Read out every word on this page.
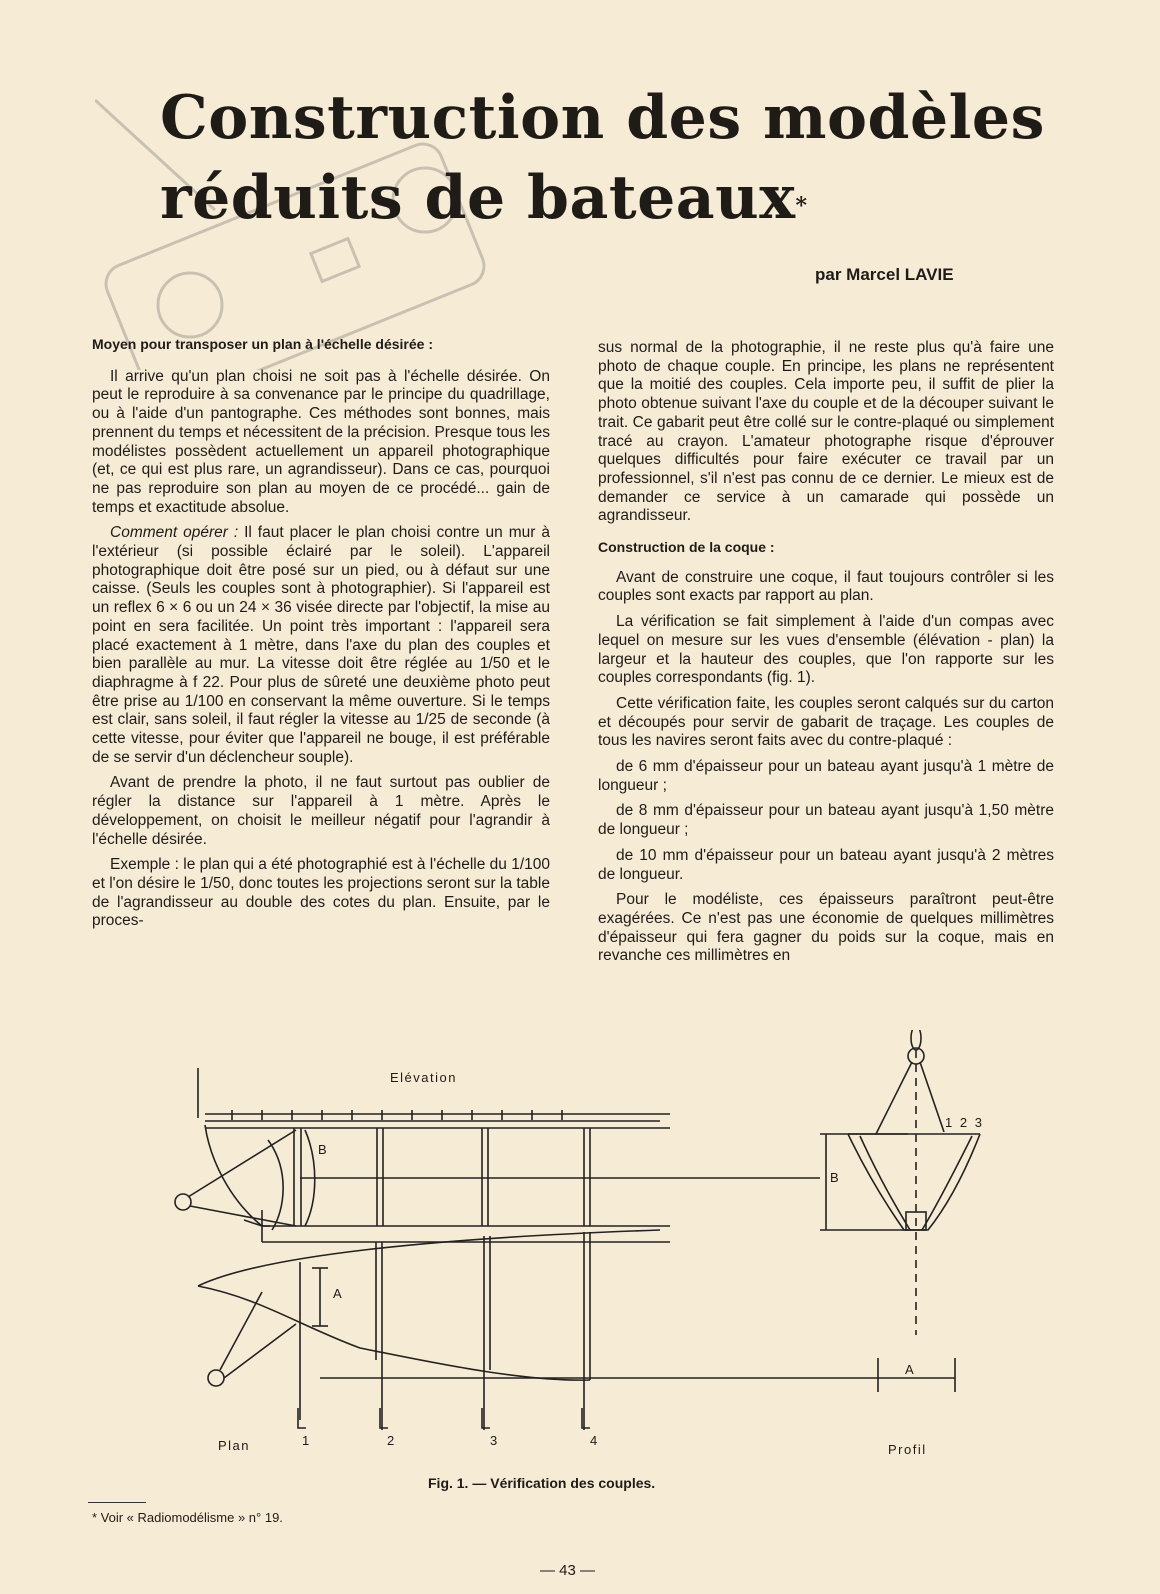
Construction des modèles réduits de bateaux*
par Marcel LAVIE
Moyen pour transposer un plan à l'échelle désirée :

Il arrive qu'un plan choisi ne soit pas à l'échelle désirée. On peut le reproduire à sa convenance par le principe du quadrillage, ou à l'aide d'un pantographe. Ces méthodes sont bonnes, mais prennent du temps et nécessitent de la précision. Presque tous les modélistes possèdent actuellement un appareil photographique (et, ce qui est plus rare, un agrandisseur). Dans ce cas, pourquoi ne pas reproduire son plan au moyen de ce procédé... gain de temps et exactitude absolue.

Comment opérer : Il faut placer le plan choisi contre un mur à l'extérieur (si possible éclairé par le soleil). L'appareil photographique doit être posé sur un pied, ou à défaut sur une caisse. (Seuls les couples sont à photographier). Si l'appareil est un reflex 6 × 6 ou un 24 × 36 visée directe par l'objectif, la mise au point en sera facilitée. Un point très important : l'appareil sera placé exactement à 1 mètre, dans l'axe du plan des couples et bien parallèle au mur. La vitesse doit être réglée au 1/50 et le diaphragme à f 22. Pour plus de sûreté une deuxième photo peut être prise au 1/100 en conservant la même ouverture. Si le temps est clair, sans soleil, il faut régler la vitesse au 1/25 de seconde (à cette vitesse, pour éviter que l'appareil ne bouge, il est préférable de se servir d'un déclencheur souple).

Avant de prendre la photo, il ne faut surtout pas oublier de régler la distance sur l'appareil à 1 mètre. Après le développement, on choisit le meilleur négatif pour l'agrandir à l'échelle désirée.

Exemple : le plan qui a été photographié est à l'échelle du 1/100 et l'on désire le 1/50, donc toutes les projections seront sur la table de l'agrandisseur au double des cotes du plan. Ensuite, par le proces-

sus normal de la photographie, il ne reste plus qu'à faire une photo de chaque couple. En principe, les plans ne représentent que la moitié des couples. Cela importe peu, il suffit de plier la photo obtenue suivant l'axe du couple et de la découper suivant le trait. Ce gabarit peut être collé sur le contre-plaqué ou simplement tracé au crayon. L'amateur photographe risque d'éprouver quelques difficultés pour faire exécuter ce travail par un professionnel, s'il n'est pas connu de ce dernier. Le mieux est de demander ce service à un camarade qui possède un agrandisseur.

Construction de la coque :

Avant de construire une coque, il faut toujours contrôler si les couples sont exacts par rapport au plan.

La vérification se fait simplement à l'aide d'un compas avec lequel on mesure sur les vues d'ensemble (élévation - plan) la largeur et la hauteur des couples, que l'on rapporte sur les couples correspondants (fig. 1).

Cette vérification faite, les couples seront calqués sur du carton et découpés pour servir de gabarit de traçage. Les couples de tous les navires seront faits avec du contre-plaqué :

de 6 mm d'épaisseur pour un bateau ayant jusqu'à 1 mètre de longueur ;

de 8 mm d'épaisseur pour un bateau ayant jusqu'à 1,50 mètre de longueur ;

de 10 mm d'épaisseur pour un bateau ayant jusqu'à 2 mètres de longueur.

Pour le modéliste, ces épaisseurs paraîtront peut-être exagérées. Ce n'est pas une économie de quelques millimètres d'épaisseur qui fera gagner du poids sur la coque, mais en revanche ces millimètres en

Elévation
B
A
B
A
1 2 3
Plan	1	2	3	4
Profil
Fig. 1. — Vérification des couples.
* Voir « Radiomodélisme » n° 19.
— 43 —
